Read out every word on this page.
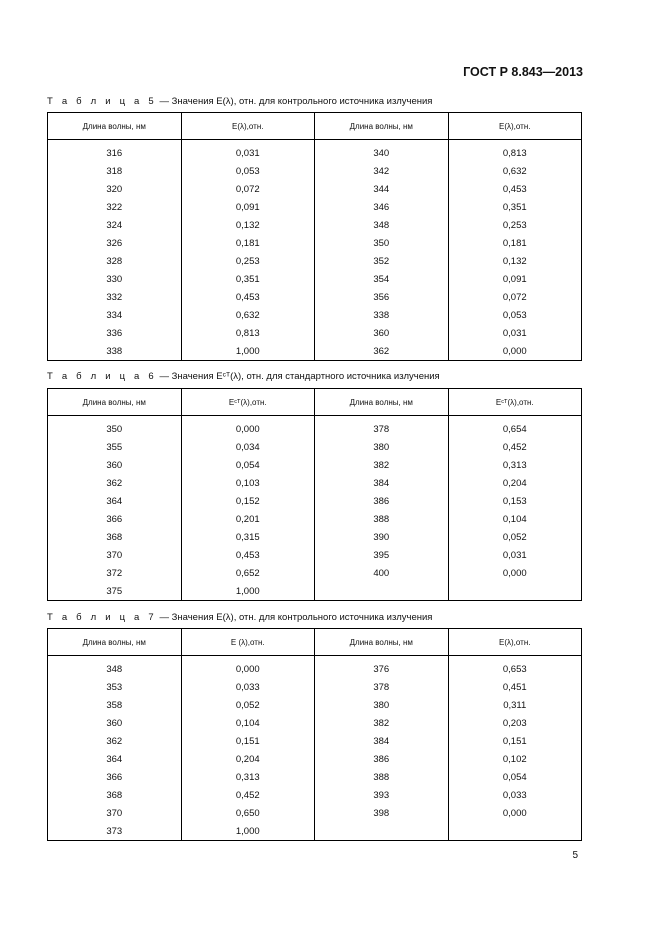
ГОСТ Р 8.843—2013
Т а б л и ц а 5 — Значения E(λ), отн. для контрольного источника излучения
Длина волны, нм	E(λ),отн.	Длина волны, нм	E(λ),отн.
316	0,031	340	0,813
318	0,053	342	0,632
320	0,072	344	0,453
322	0,091	346	0,351
324	0,132	348	0,253
326	0,181	350	0,181
328	0,253	352	0,132
330	0,351	354	0,091
332	0,453	356	0,072
334	0,632	338	0,053
336	0,813	360	0,031
338	1,000	362	0,000
Т а б л и ц а 6 — Значения Eᶜᵀ(λ), отн. для стандартного источника излучения
Длина волны, нм	Eᶜᵀ(λ),отн.	Длина волны, нм	Eᶜᵀ(λ),отн.
350	0,000	378	0,654
355	0,034	380	0,452
360	0,054	382	0,313
362	0,103	384	0,204
364	0,152	386	0,153
366	0,201	388	0,104
368	0,315	390	0,052
370	0,453	395	0,031
372	0,652	400	0,000
375	1,000		
Т а б л и ц а 7 — Значения E(λ), отн. для контрольного источника излучения
Длина волны, нм	E (λ),отн.	Длина волны, нм	E(λ),отн.
348	0,000	376	0,653
353	0,033	378	0,451
358	0,052	380	0,311
360	0,104	382	0,203
362	0,151	384	0,151
364	0,204	386	0,102
366	0,313	388	0,054
368	0,452	393	0,033
370	0,650	398	0,000
373	1,000		
5
